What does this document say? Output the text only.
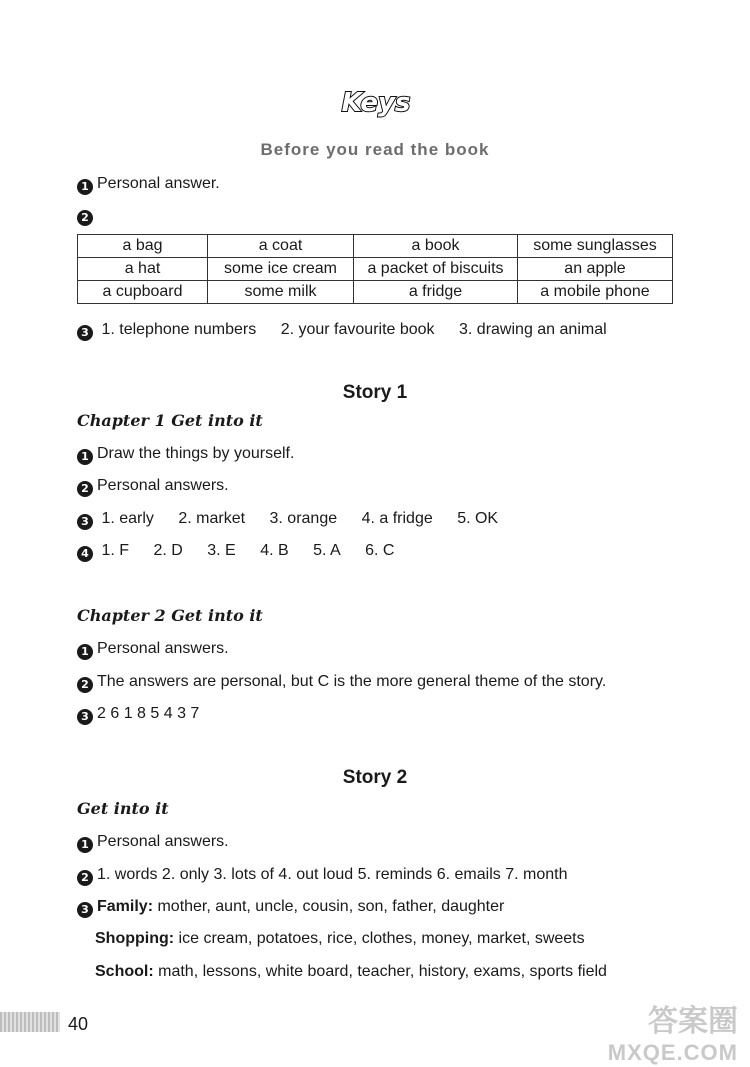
Keys
Before you read the book
1 Personal answer.
2
a bag	a coat	a book	some sunglasses
a hat	some ice cream	a packet of biscuits	an apple
a cupboard	some milk	a fridge	a mobile phone
3 1. telephone numbers 2. your favourite book 3. drawing an animal
Story 1
Chapter 1 Get into it
1 Draw the things by yourself.
2 Personal answers.
3 1. early 2. market 3. orange 4. a fridge 5. OK
4 1. F 2. D 3. E 4. B 5. A 6. C
Chapter 2 Get into it
1 Personal answers.
2 The answers are personal, but C is the more general theme of the story.
3 2 6 1 8 5 4 3 7
Story 2
Get into it
1 Personal answers.
2 1. words 2. only 3. lots of 4. out loud 5. reminds 6. emails 7. month
3 Family: mother, aunt, uncle, cousin, son, father, daughter
Shopping: ice cream, potatoes, rice, clothes, money, market, sweets
School: math, lessons, white board, teacher, history, exams, sports field
40	答案圈
MXQE.COM
